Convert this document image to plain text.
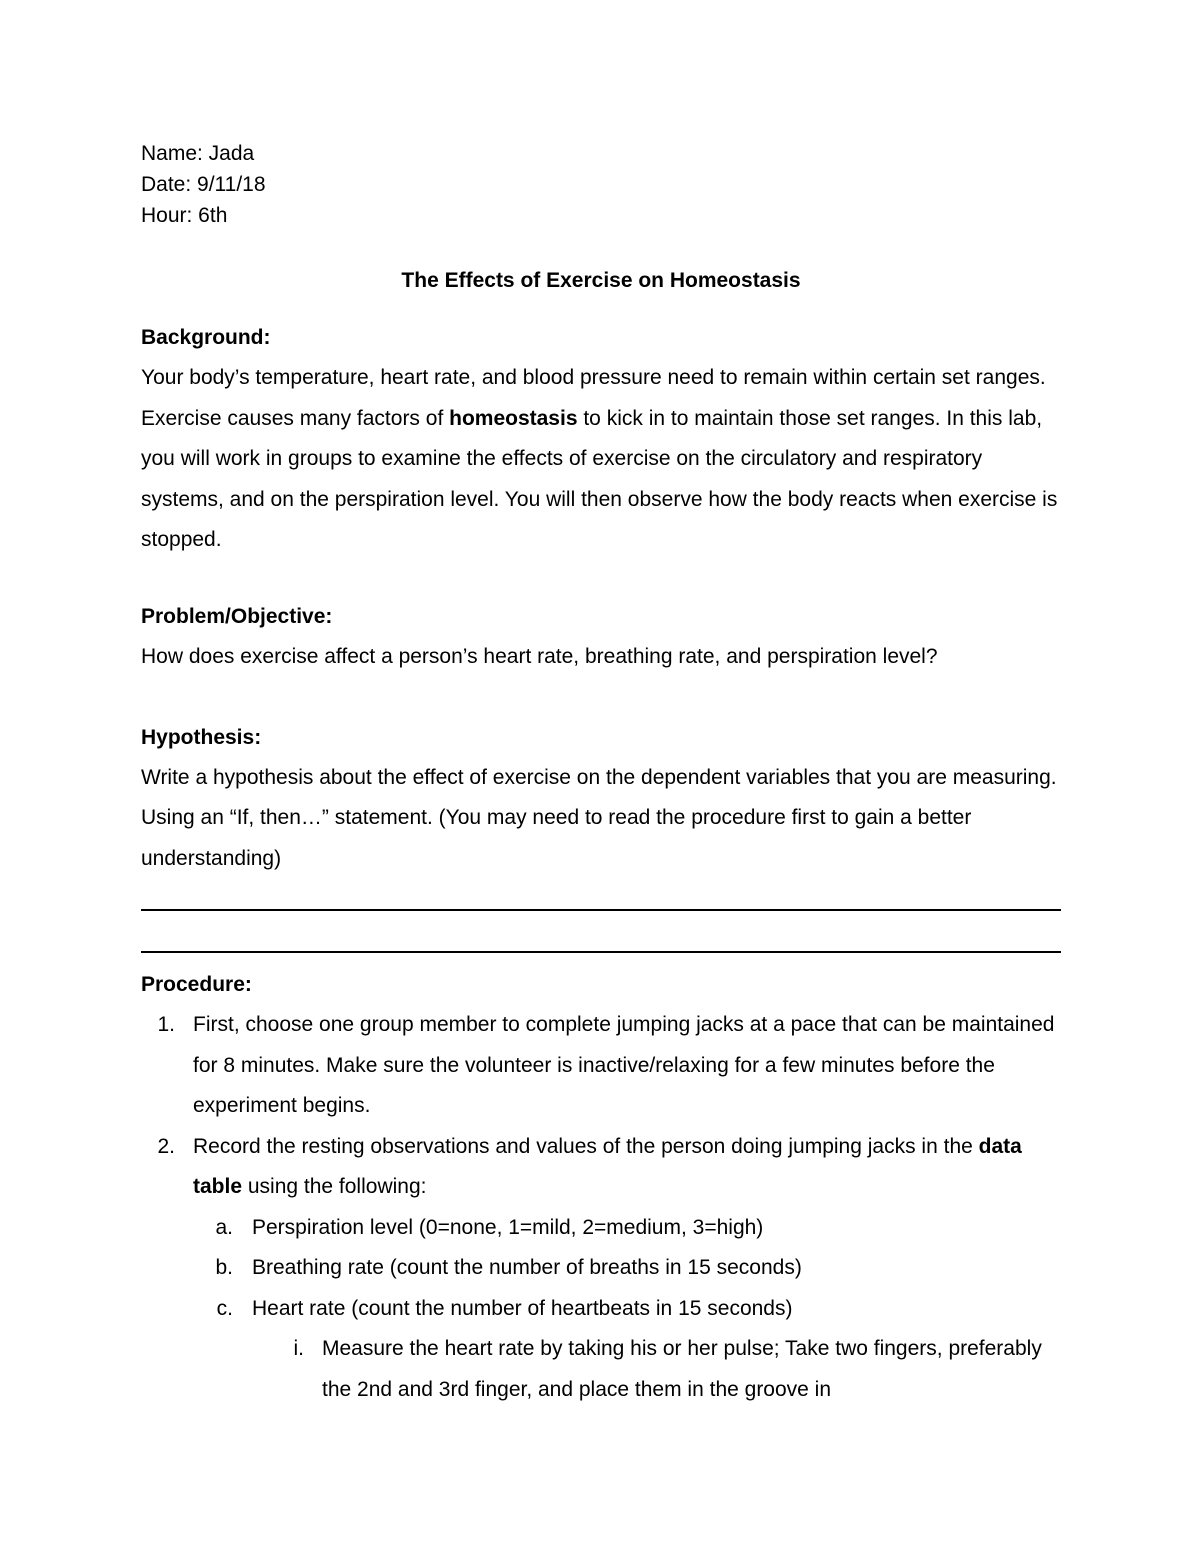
Name: Jada
Date: 9/11/18
Hour: 6th
The Effects of Exercise on Homeostasis
Background:
Your body’s temperature, heart rate, and blood pressure need to remain within certain set ranges. Exercise causes many factors of homeostasis to kick in to maintain those set ranges. In this lab, you will work in groups to examine the effects of exercise on the circulatory and respiratory systems, and on the perspiration level. You will then observe how the body reacts when exercise is stopped.
Problem/Objective:
How does exercise affect a person’s heart rate, breathing rate, and perspiration level?
Hypothesis:
Write a hypothesis about the effect of exercise on the dependent variables that you are measuring. Using an “If, then…” statement. (You may need to read the procedure first to gain a better understanding)
Procedure:
1. First, choose one group member to complete jumping jacks at a pace that can be maintained for 8 minutes. Make sure the volunteer is inactive/relaxing for a few minutes before the experiment begins.
2. Record the resting observations and values of the person doing jumping jacks in the data table using the following:
a. Perspiration level (0=none, 1=mild, 2=medium, 3=high)
b. Breathing rate (count the number of breaths in 15 seconds)
c. Heart rate (count the number of heartbeats in 15 seconds)
i. Measure the heart rate by taking his or her pulse; Take two fingers, preferably the 2nd and 3rd finger, and place them in the groove in
